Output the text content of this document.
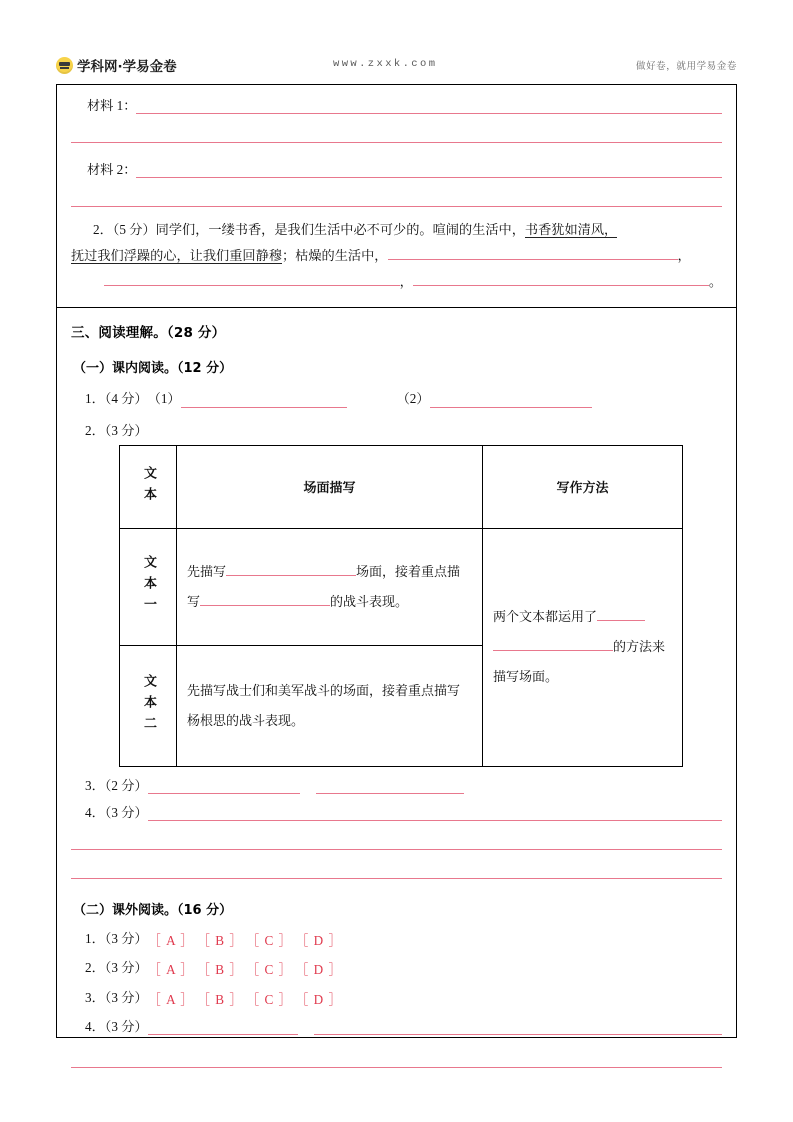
学科网·学易金卷	www.zxxk.com	做好卷，就用学易金卷
材料 1：
材料 2：
2．（5 分）同学们，一缕书香，是我们生活中必不可少的。喧闹的生活中，书香犹如清风，
抚过我们浮躁的心，让我们重回静穆；枯燥的生活中，	，
，	。
三、阅读理解。（28 分）
（一）课内阅读。（12 分）
1．（4 分） （1）	（2）
2．（3 分）
文本	场面描写	写作方法

文本一	先描写 场面，接着重点描写 的战斗表现。	两个文本都运用了的方法来描写场面。

文本二	先描写战士们和美军战斗的场面，接着重点描写杨根思的战斗表现。	
3．（2 分）
4．（3 分）
（二）课外阅读。（16 分）
1．（3 分） ［ A ］ ［ B ］ ［ C ］ ［ D ］
2．（3 分） ［ A ］ ［ B ］ ［ C ］ ［ D ］
3．（3 分） ［ A ］ ［ B ］ ［ C ］ ［ D ］
4．（3 分）
